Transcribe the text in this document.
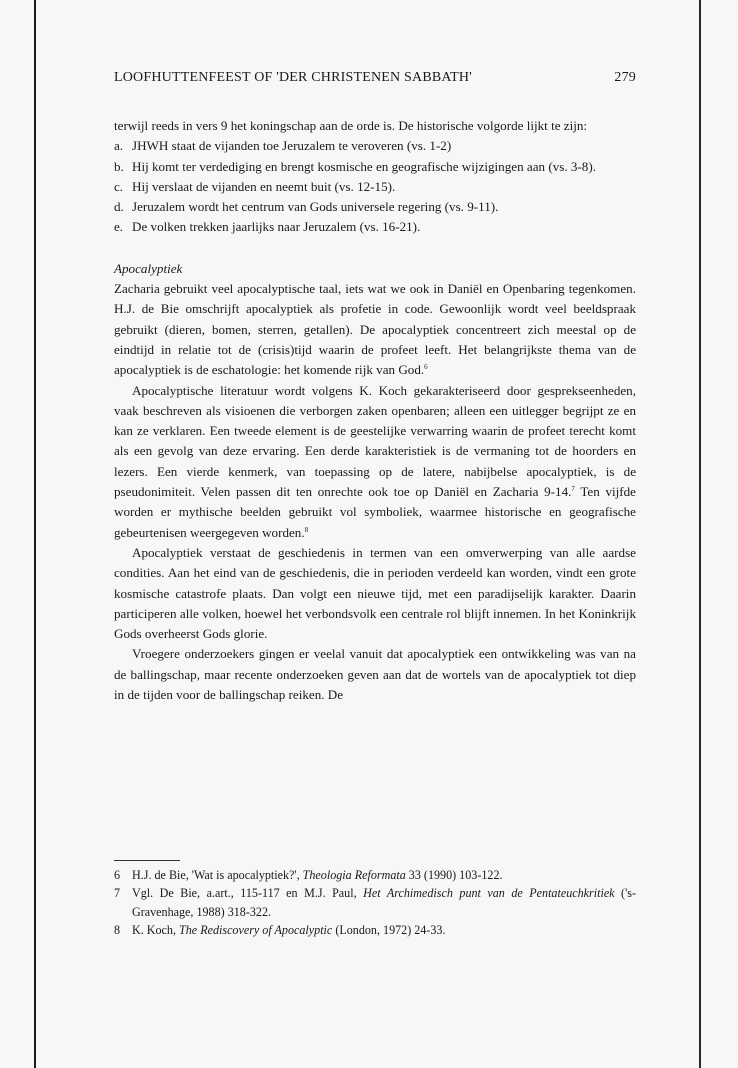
LOOFHUTTENFEEST OF 'DER CHRISTENEN SABBATH'	279

terwijl reeds in vers 9 het koningschap aan de orde is. De historische volgorde lijkt te zijn:

a. JHWH staat de vijanden toe Jeruzalem te veroveren (vs. 1-2)
b. Hij komt ter verdediging en brengt kosmische en geografische wijzigingen aan (vs. 3-8).
c. Hij verslaat de vijanden en neemt buit (vs. 12-15).
d. Jeruzalem wordt het centrum van Gods universele regering (vs. 9-11).
e. De volken trekken jaarlijks naar Jeruzalem (vs. 16-21).

Apocalyptiek

Zacharia gebruikt veel apocalyptische taal, iets wat we ook in Daniël en Openbaring tegenkomen. H.J. de Bie omschrijft apocalyptiek als profetie in code. Gewoonlijk wordt veel beeldspraak gebruikt (dieren, bomen, sterren, getallen). De apocalyptiek concentreert zich meestal op de eindtijd in relatie tot de (crisis)tijd waarin de profeet leeft. Het belangrijkste thema van de apocalyptiek is de eschatologie: het komende rijk van God.$^6$

Apocalyptische literatuur wordt volgens K. Koch gekarakteriseerd door gesprekseenheden, vaak beschreven als visioenen die verborgen zaken openbaren; alleen een uitlegger begrijpt ze en kan ze verklaren. Een tweede element is de geestelijke verwarring waarin de profeet terecht komt als een gevolg van deze ervaring. Een derde karakteristiek is de vermaning tot de hoorders en lezers. Een vierde kenmerk, van toepassing op de latere, nabijbelse apocalyptiek, is de pseudonimiteit. Velen passen dit ten onrechte ook toe op Daniël en Zacharia 9-14.$^7$ Ten vijfde worden er mythische beelden gebruikt vol symboliek, waarmee historische en geografische gebeurtenisen weergegeven worden.$^8$

Apocalyptiek verstaat de geschiedenis in termen van een omverwerping van alle aardse condities. Aan het eind van de geschiedenis, die in perioden verdeeld kan worden, vindt een grote kosmische catastrofe plaats. Dan volgt een nieuwe tijd, met een paradijselijk karakter. Daarin participeren alle volken, hoewel het verbondsvolk een centrale rol blijft innemen. In het Koninkrijk Gods overheerst Gods glorie.

Vroegere onderzoekers gingen er veelal vanuit dat apocalyptiek een ontwikkeling was van na de ballingschap, maar recente onderzoeken geven aan dat de wortels van de apocalyptiek tot diep in de tijden voor de ballingschap reiken. De

6 H.J. de Bie, 'Wat is apocalyptiek?', Theologia Reformata 33 (1990) 103-122.
7 Vgl. De Bie, a.art., 115-117 en M.J. Paul, Het Archimedisch punt van de Pentateuchkritiek ('s-Gravenhage, 1988) 318-322.
8 K. Koch, The Rediscovery of Apocalyptic (London, 1972) 24-33.
